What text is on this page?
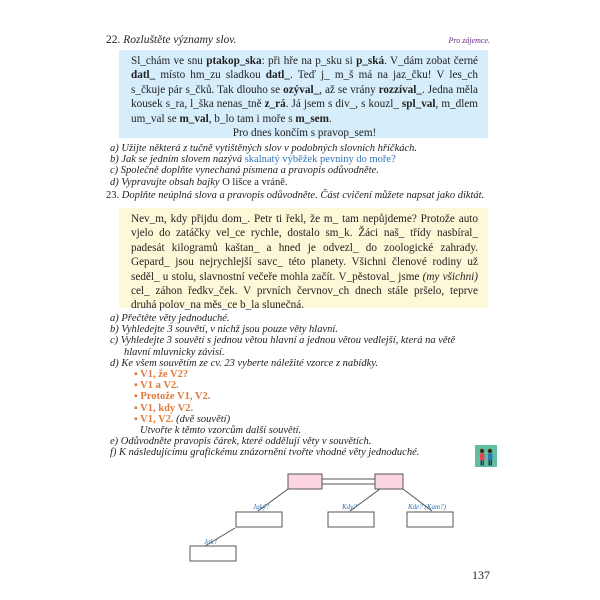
22. Rozluštěte významy slov.	Pro zájemce.

Sl_chám ve snu ptakop_ska: při hře na p_sku si p_ská. V_dám zobat černé datl_ místo hm_zu sladkou datl_. Teď j_ m_š má na jaz_čku! V les_ch s_čkuje pár s_čků. Tak dlouho se ozýval_, až se vrány rozzíval_. Jedna měla kousek s_ra, l_ška nenas_tně z_rá. Já jsem s div_, s kouzl_ spl_val, m_dlem um_val se m_val, b_lo tam i moře s m_sem.

Pro dnes končím s pravop_sem!

a) Užijte některá z tučně vytištěných slov v podobných slovních hříčkách.
b) Jak se jedním slovem nazývá skalnatý výběžek pevniny do moře?
c) Společně doplňte vynechaná písmena a pravopis odůvodněte.
d) Vypravujte obsah bajky O lišce a vráně.
23. Doplňte neúplná slova a pravopis odůvodněte. Část cvičení můžete napsat jako diktát.

Nev_m, kdy přijdu dom_. Petr ti řekl, že m_ tam nepůjdeme? Protože auto vjelo do zatáčky vel_ce rychle, dostalo sm_k. Žáci naš_ třídy nasbíral_ padesát kilogramů kaštan_ a hned je odvezl_ do zoologické zahrady. Gepard_ jsou nejrychlejší savc_ této planety. Všichni členové rodiny už seděl_ u stolu, slavnostní večeře mohla začít. V_pěstoval_ jsme (my všichni) cel_ záhon ředkv_ček. V prvních červnov_ch dnech stále pršelo, teprve druhá polov_na měs_ce b_la slunečná.

a) Přečtěte věty jednoduché.
b) Vyhledejte 3 souvětí, v nichž jsou pouze věty hlavní.
c) Vyhledejte 3 souvětí s jednou větou hlavní a jednou větou vedlejší, která na větě
hlavní mluvnicky závisí.
d) Ke všem souvětím ze cv. 23 vyberte náležité vzorce z nabídky.
▪ V1, že V2?
▪ V1 a V2.
▪ Protože V1, V2.
▪ V1, kdy V2.
▪ V1, V2. (dvě souvětí)
Utvořte k těmto vzorcům další souvětí.
e) Odůvodněte pravopis čárek, které oddělují věty v souvětích.
f) K následujícímu grafickému znázornění tvořte vhodné věty jednoduché.
Jaký?	Kdy?	Kde? (Kam?)
Jak?
137
